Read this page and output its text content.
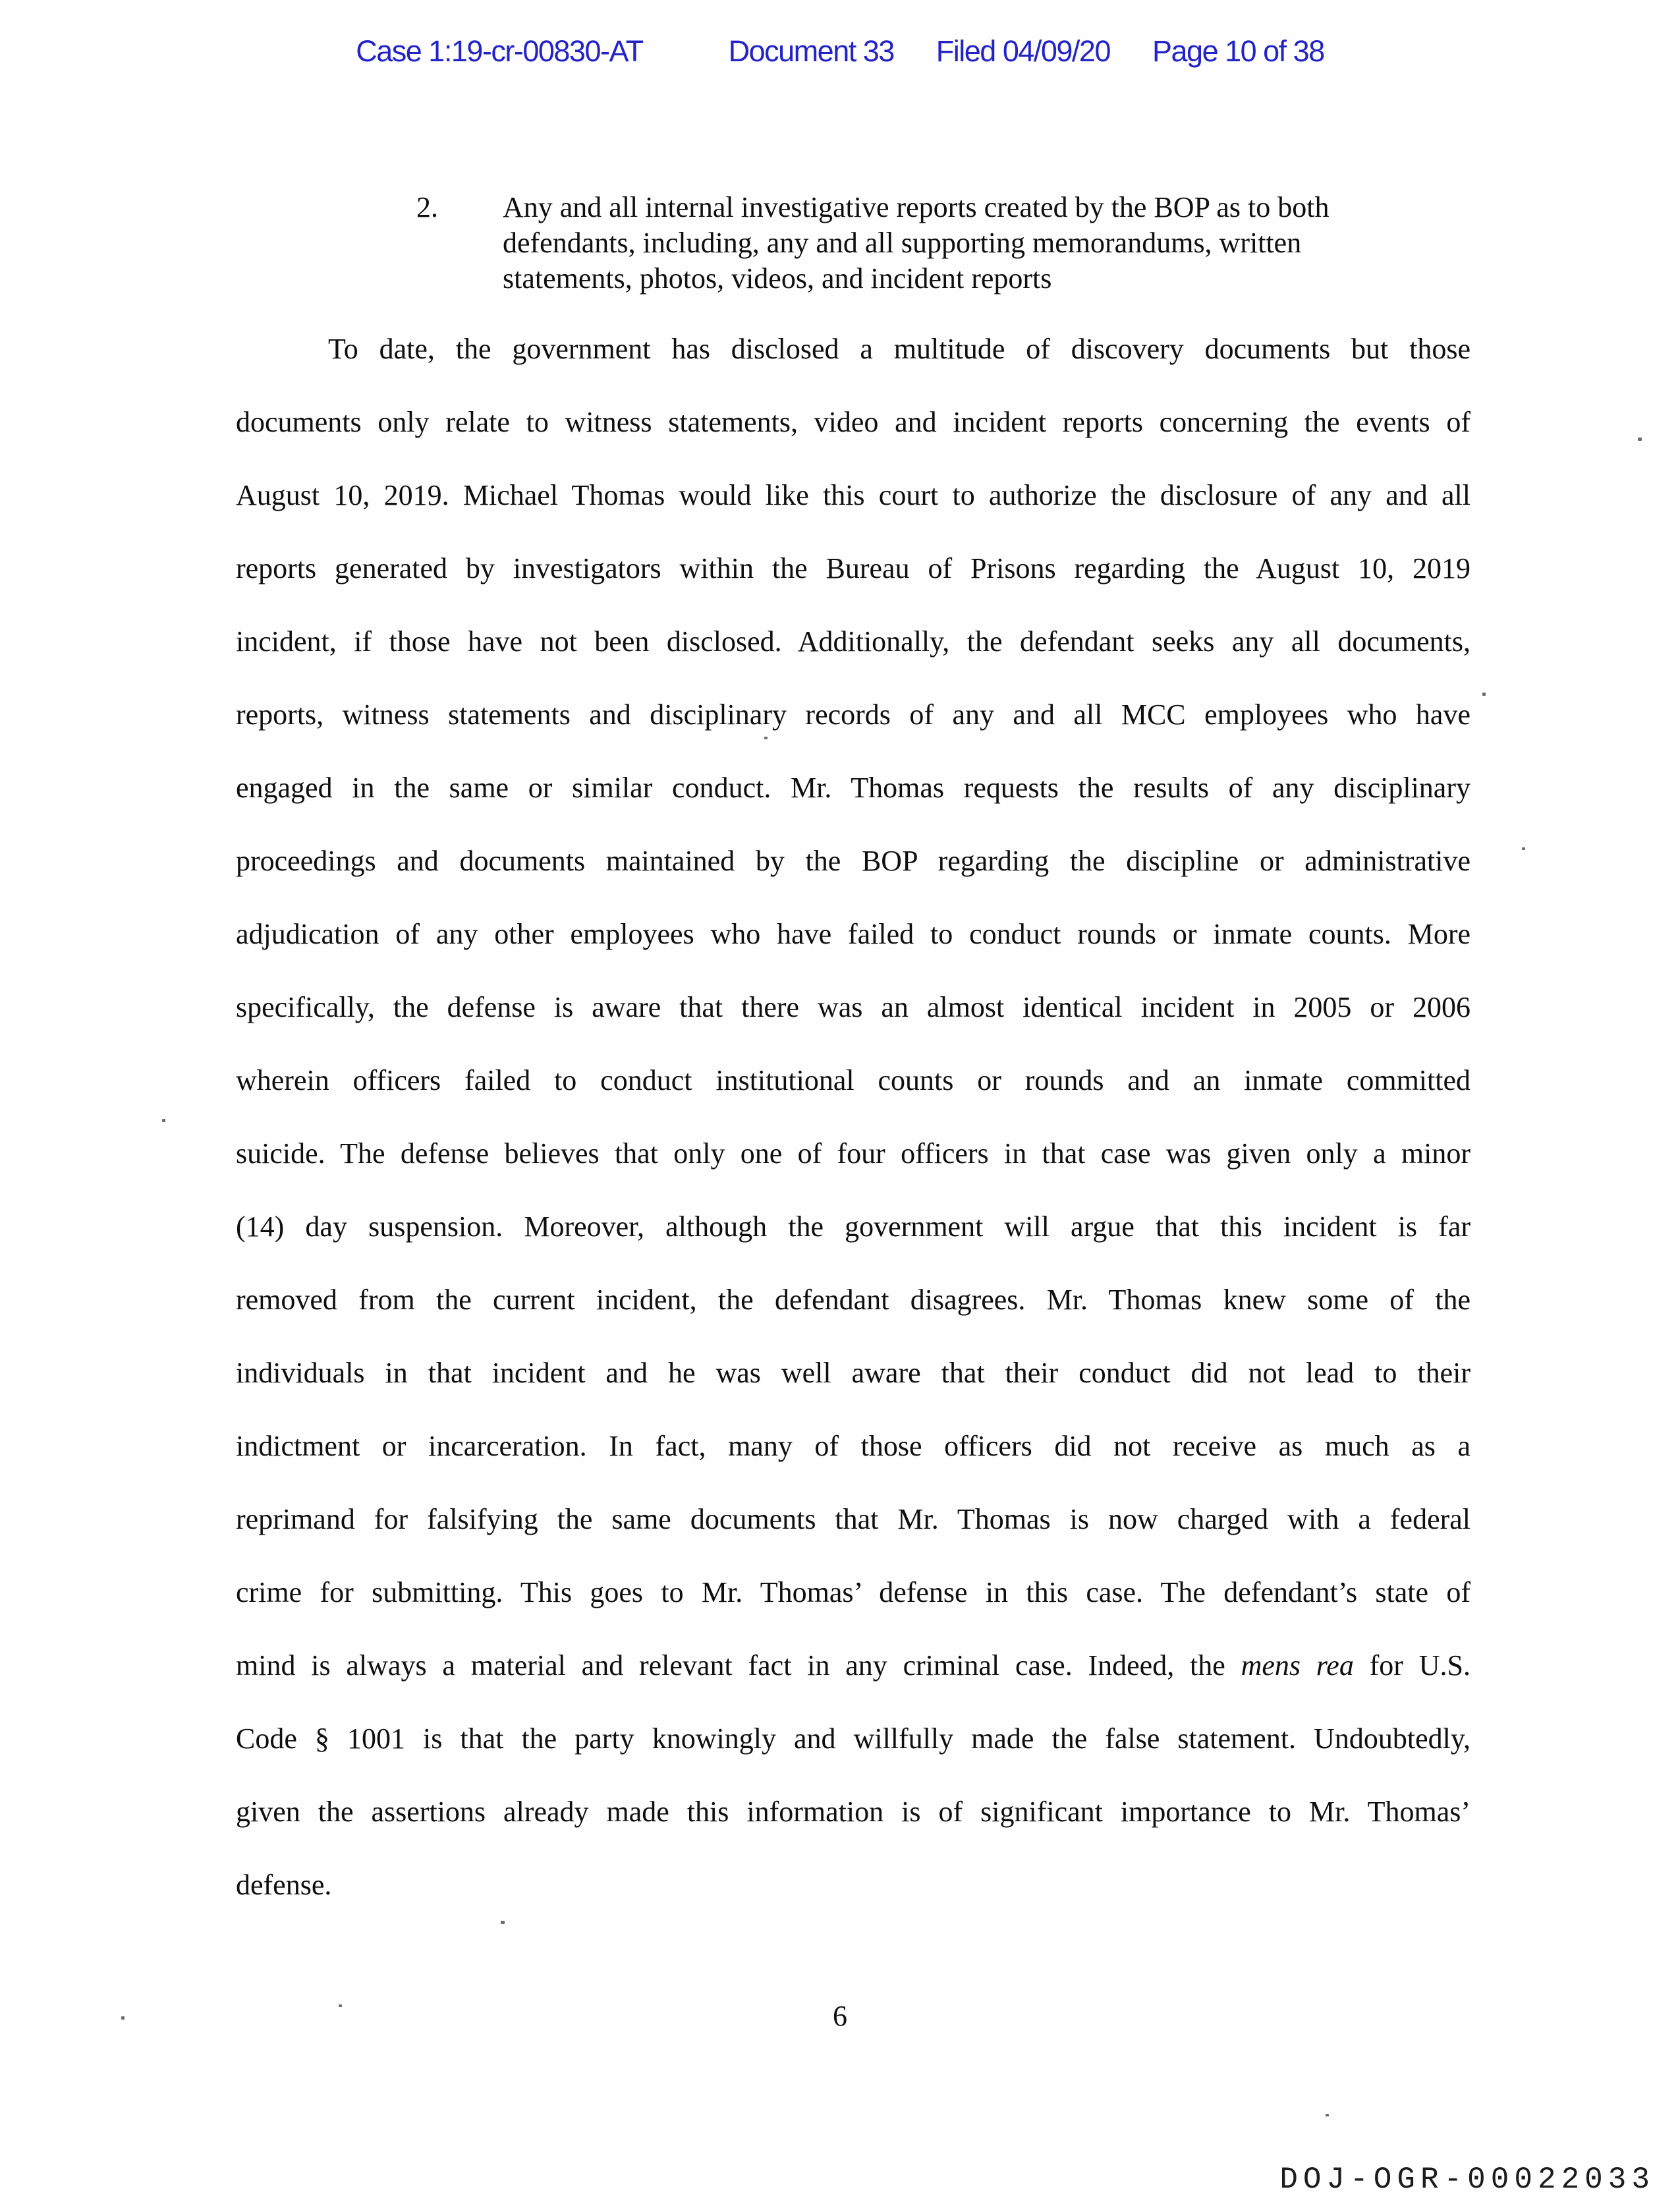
Case 1:19-cr-00830-AT	Document 33 Filed 04/09/20 Page 10 of 38
2.	Any and all internal investigative reports created by the BOP as to both
defendants, including, any and all supporting memorandums, written
statements, photos, videos, and incident reports
To date, the government has disclosed a multitude of discovery documents but those
documents only relate to witness statements, video and incident reports concerning the events of
August 10, 2019. Michael Thomas would like this court to authorize the disclosure of any and all
reports generated by investigators within the Bureau of Prisons regarding the August 10, 2019
incident, if those have not been disclosed. Additionally, the defendant seeks any all documents,
reports, witness statements and disciplinary records of any and all MCC employees who have
engaged in the same or similar conduct. Mr. Thomas requests the results of any disciplinary
proceedings and documents maintained by the BOP regarding the discipline or administrative
adjudication of any other employees who have failed to conduct rounds or inmate counts. More
specifically, the defense is aware that there was an almost identical incident in 2005 or 2006
wherein officers failed to conduct institutional counts or rounds and an inmate committed
suicide. The defense believes that only one of four officers in that case was given only a minor
(14) day suspension. Moreover, although the government will argue that this incident is far
removed from the current incident, the defendant disagrees. Mr. Thomas knew some of the
individuals in that incident and he was well aware that their conduct did not lead to their
indictment or incarceration. In fact, many of those officers did not receive as much as a
reprimand for falsifying the same documents that Mr. Thomas is now charged with a federal
crime for submitting. This goes to Mr. Thomas’ defense in this case. The defendant’s state of
mind is always a material and relevant fact in any criminal case. Indeed, the mens rea for U.S.
Code § 1001 is that the party knowingly and willfully made the false statement. Undoubtedly,
given the assertions already made this information is of significant importance to Mr. Thomas’
defense.
6
DOJ-OGR-00022033
